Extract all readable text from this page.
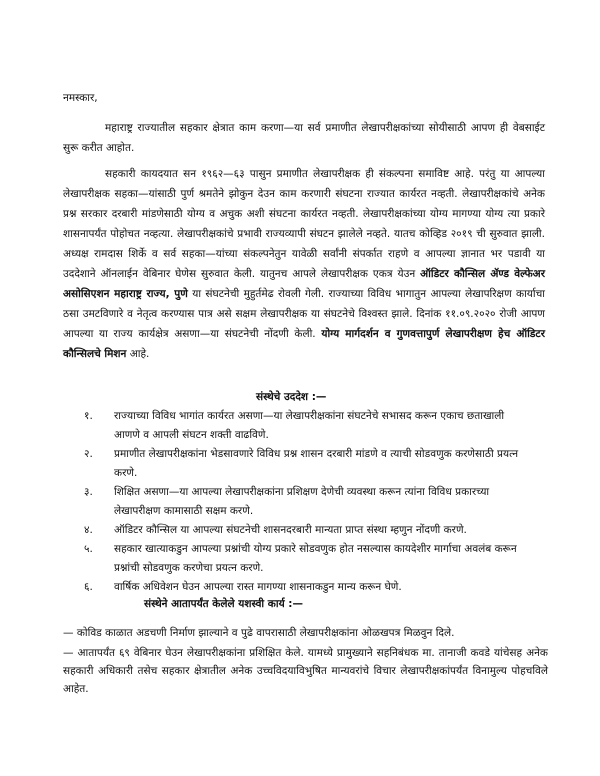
नमस्कार,

महाराष्ट्र राज्यातील सहकार क्षेत्रात काम करणा—या सर्व प्रमाणीत लेखापरीक्षकांच्या सोयीसाठी आपण ही वेबसाईट सुरू करीत आहोत.

सहकारी कायदयात सन १९६२—६३ पासुन प्रमाणीत लेखापरीक्षक ही संकल्पना समाविष्ट आहे. परंतु या आपल्या लेखापरीक्षक सहका—यांसाठी पुर्ण श्रमतेने झोकुन देउन काम करणारी संघटना राज्यात कार्यरत नव्हती. लेखापरीक्षकांचे अनेक प्रश्न सरकार दरबारी मांडणेसाठी योग्य व अचुक अशी संघटना कार्यरत नव्हती. लेखापरीक्षकांच्या योग्य मागण्या योग्य त्या प्रकारे शासनापर्यंत पोहोचत नव्हत्या. लेखापरीक्षकांचे प्रभावी राज्यव्यापी संघटन झालेले नव्हते. यातच कोव्हिड २०१९ ची सुरुवात झाली. अध्यक्ष रामदास शिर्के व सर्व सहका—यांच्या संकल्पनेतुन यावेळी सर्वांनी संपर्कात राहणे व आपल्या ज्ञानात भर पडावी या उददेशाने ऑनलाईन वेबिनार घेणेस सुरुवात केली. यातुनच आपले लेखापरीक्षक एकत्र येउन ऑडिटर कौन्सिल ॲण्ड वेल्फेअर असोसिएशन महाराष्ट्र राज्य, पुणे या संघटनेची मुहुर्तमेढ रोवली गेली. राज्याच्या विविध भागातुन आपल्या लेखापरिक्षण कार्याचा ठसा उमटविणारे व नेतृत्व करण्यास पात्र असे सक्षम लेखापरीक्षक या संघटनेचे विश्वस्त झाले. दिनांक ११.०९.२०२० रोजी आपण आपल्या या राज्य कार्यक्षेत्र असणा—या संघटनेची नोंदणी केली. योग्य मार्गदर्शन व गुणवत्तापुर्ण लेखापरीक्षण हेच ऑडिटर कौन्सिलचे मिशन आहे.

संस्थेचे उददेश :—
१.	राज्याच्या विविध भागांत कार्यरत असणा—या लेखापरीक्षकांना संघटनेचे सभासद करून एकाच छताखाली आणणे व आपली संघटन शक्ती वाढविणे.
२.	प्रमाणीत लेखापरीक्षकांना भेडसावणारे विविध प्रश्न शासन दरबारी मांडणे व त्याची सोडवणुक करणेसाठी प्रयत्न करणे.
३.	शिक्षित असणा—या आपल्या लेखापरीक्षकांना प्रशिक्षण देणेची व्यवस्था करून त्यांना विविध प्रकारच्या लेखापरीक्षण कामासाठी सक्षम करणे.
४.	ऑडिटर कौन्सिल या आपल्या संघटनेची शासनदरबारी मान्यता प्राप्त संस्था म्हणुन नोंदणी करणे.
५.	सहकार खात्याकडुन आपल्या प्रश्नांची योग्य प्रकारे सोडवणुक होत नसल्यास कायदेशीर मार्गाचा अवलंब करून प्रश्नांची सोडवणुक करणेचा प्रयत्न करणे.
६.	वार्षिक अधिवेशन घेउन आपल्या रास्त मागण्या शासनाकडुन मान्य करून घेणे.
संस्थेने आतापर्यंत केलेले यशस्वी कार्य :—
— कोविड काळात अडचणी निर्माण झाल्याने व पुढे वापरासाठी लेखापरीक्षकांना ओळखपत्र मिळवुन दिले.
— आतापर्यंत ६९ वेबिनार घेउन लेखापरीक्षकांना प्रशिक्षित केले. यामध्ये प्रामुख्याने सहनिबंधक मा. तानाजी कवडे यांचेसह अनेक सहकारी अधिकारी तसेच सहकार क्षेत्रातील अनेक उच्चविदयाविभुषित मान्यवरांचे विचार लेखापरीक्षकांपर्यंत विनामुल्य पोहचविले आहेत.
